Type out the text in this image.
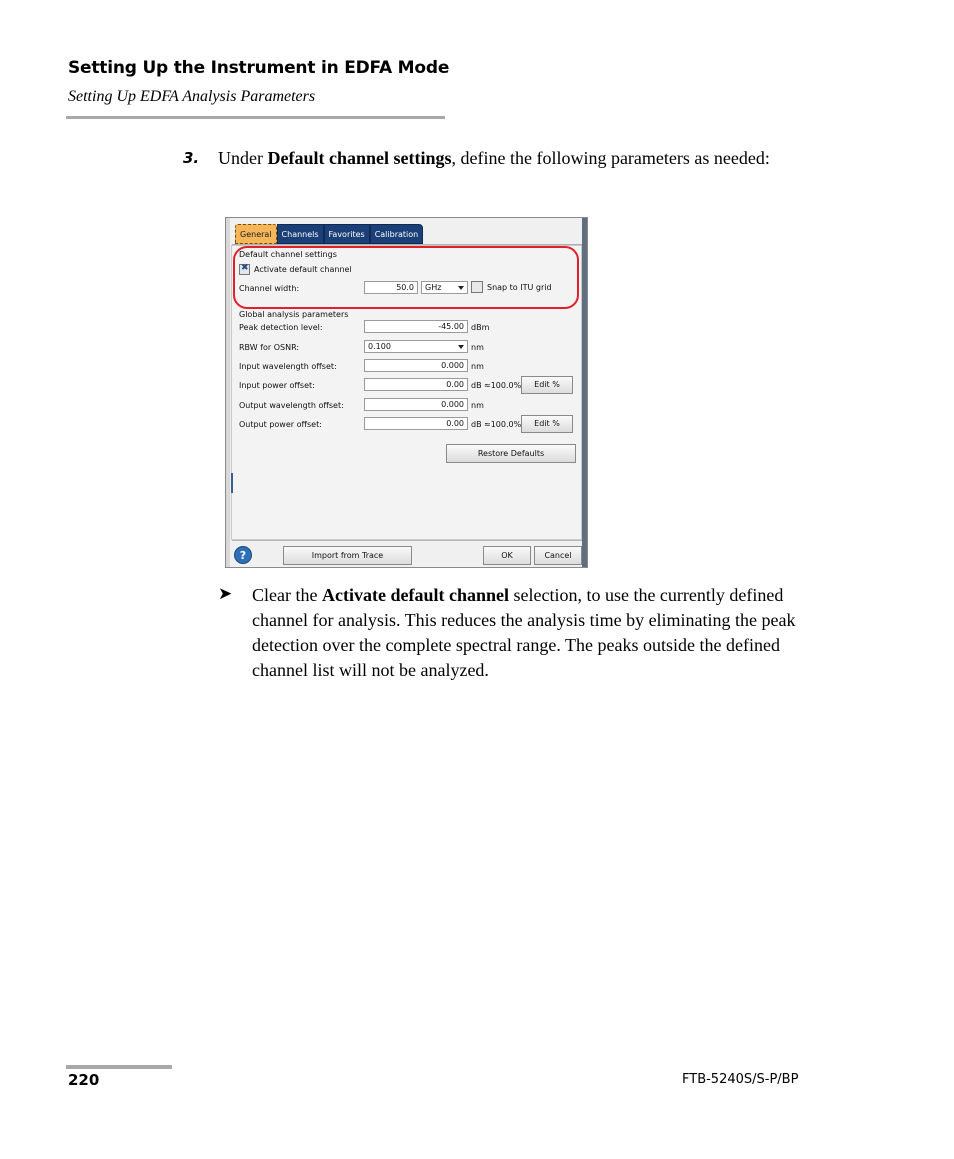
Setting Up the Instrument in EDFA Mode
Setting Up EDFA Analysis Parameters
3. Under Default channel settings, define the following parameters as needed:
General	Channels	Favorites	Calibration
Default channel settings
✖
Activate default channel
Channel width:	50.0	GHz	Snap to ITU grid
Global analysis parameters
Peak detection level:	-45.00 dBm
RBW for OSNR:	0.100	nm
Input wavelength offset:	0.000 nm
Input power offset:	0.00 dB ≈100.0%	Edit %
Output wavelength offset:	0.000 nm
Output power offset:	0.00 dB ≈100.0%	Edit %
Restore Defaults
?	Import from Trace	OK	Cancel
➤ Clear the Activate default channel selection, to use the currently defined channel for analysis. This reduces the analysis time by eliminating the peak detection over the complete spectral range. The peaks outside the defined channel list will not be analyzed.
220	FTB-5240S/S-P/BP
